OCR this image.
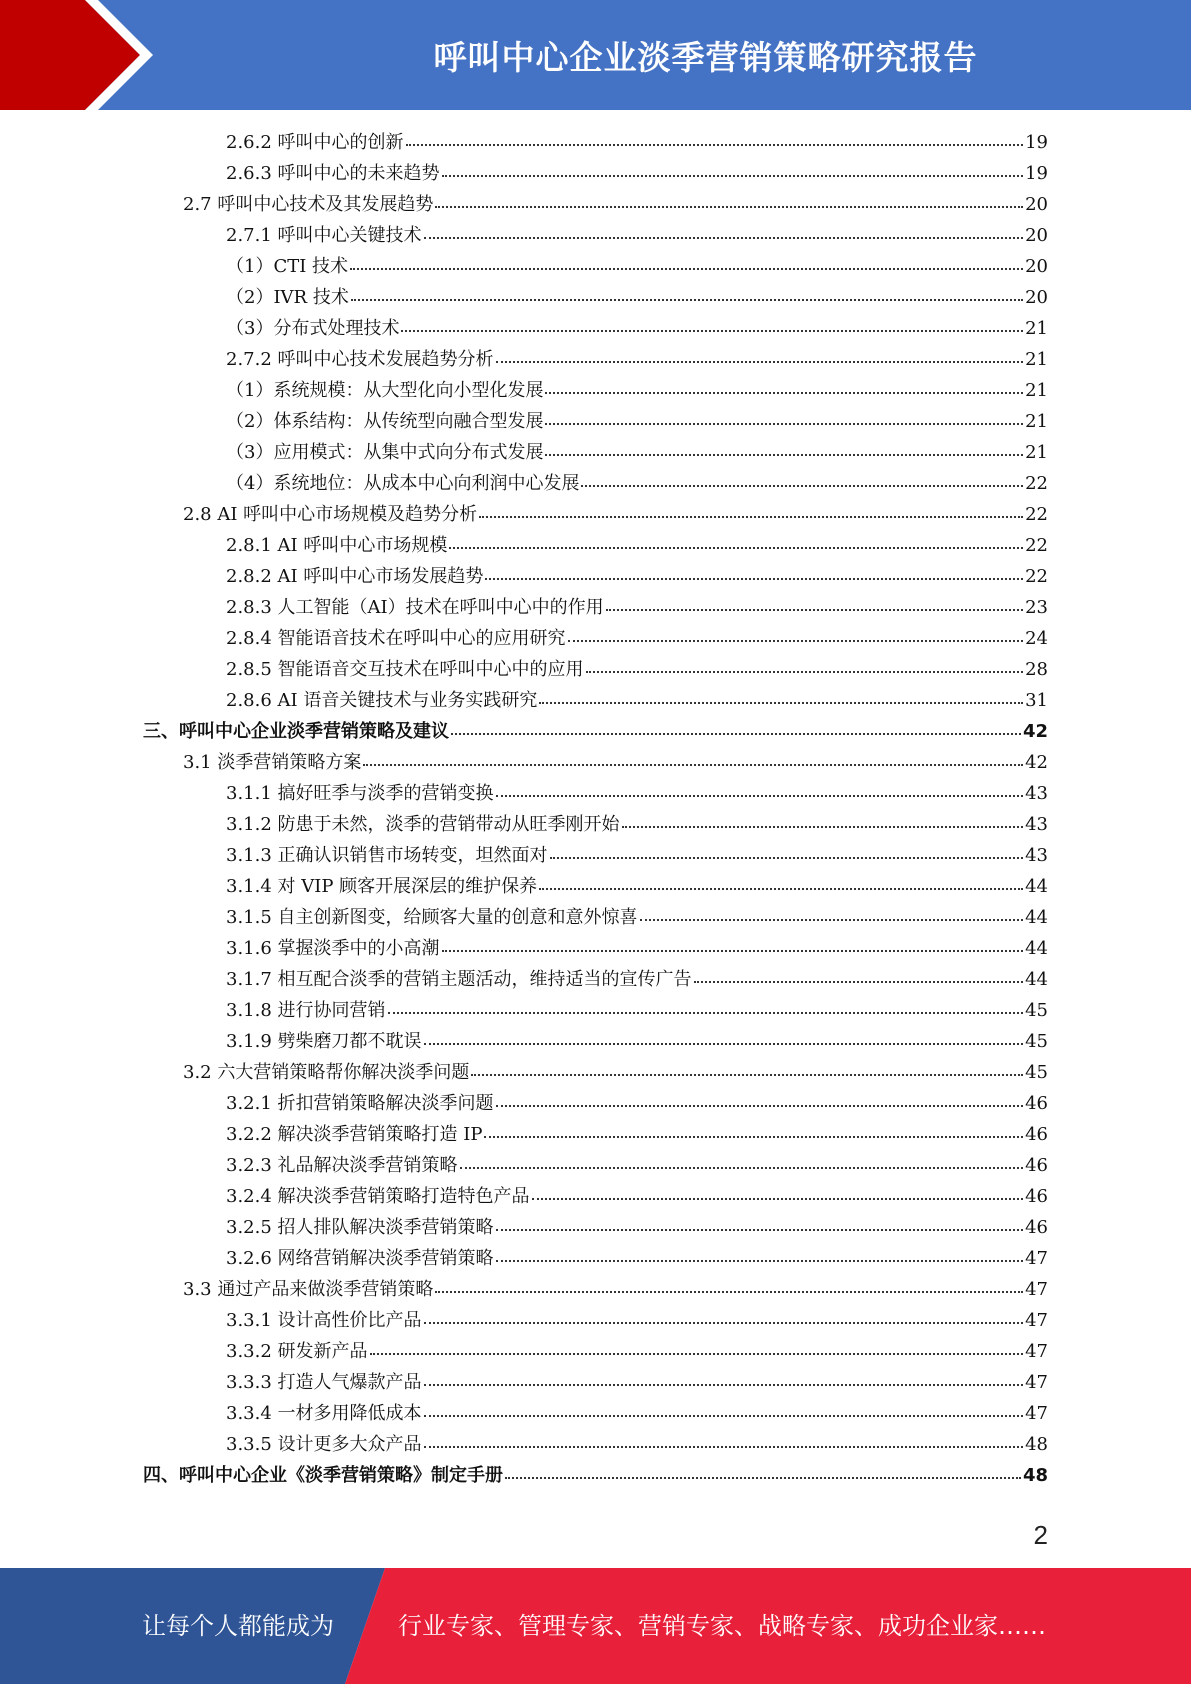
呼叫中心企业淡季营销策略研究报告
2.6.2 呼叫中心的创新	19
2.6.3 呼叫中心的未来趋势	19
2.7 呼叫中心技术及其发展趋势	20
2.7.1 呼叫中心关键技术	20
（1）CTI 技术	20
（2）IVR 技术	20
（3）分布式处理技术	21
2.7.2 呼叫中心技术发展趋势分析	21
（1）系统规模：从大型化向小型化发展	21
（2）体系结构：从传统型向融合型发展	21
（3）应用模式：从集中式向分布式发展	21
（4）系统地位：从成本中心向利润中心发展	22
2.8 AI 呼叫中心市场规模及趋势分析	22
2.8.1 AI 呼叫中心市场规模	22
2.8.2 AI 呼叫中心市场发展趋势	22
2.8.3 人工智能（AI）技术在呼叫中心中的作用	23
2.8.4 智能语音技术在呼叫中心的应用研究	24
2.8.5 智能语音交互技术在呼叫中心中的应用	28
2.8.6 AI 语音关键技术与业务实践研究	31
三、呼叫中心企业淡季营销策略及建议	42
3.1 淡季营销策略方案	42
3.1.1 搞好旺季与淡季的营销变换	43
3.1.2 防患于未然，淡季的营销带动从旺季刚开始	43
3.1.3 正确认识销售市场转变，坦然面对	43
3.1.4 对 VIP 顾客开展深层的维护保养	44
3.1.5 自主创新图变，给顾客大量的创意和意外惊喜	44
3.1.6 掌握淡季中的小高潮	44
3.1.7 相互配合淡季的营销主题活动，维持适当的宣传广告	44
3.1.8 进行协同营销	45
3.1.9 劈柴磨刀都不耽误	45
3.2 六大营销策略帮你解决淡季问题	45
3.2.1 折扣营销策略解决淡季问题	46
3.2.2 解决淡季营销策略打造 IP	46
3.2.3 礼品解决淡季营销策略	46
3.2.4 解决淡季营销策略打造特色产品	46
3.2.5 招人排队解决淡季营销策略	46
3.2.6 网络营销解决淡季营销策略	47
3.3 通过产品来做淡季营销策略	47
3.3.1 设计高性价比产品	47
3.3.2 研发新产品	47
3.3.3 打造人气爆款产品	47
3.3.4 一材多用降低成本	47
3.3.5 设计更多大众产品	48
四、呼叫中心企业《淡季营销策略》制定手册	48
2
让每个人都能成为	行业专家、管理专家、营销专家、战略专家、成功企业家……
